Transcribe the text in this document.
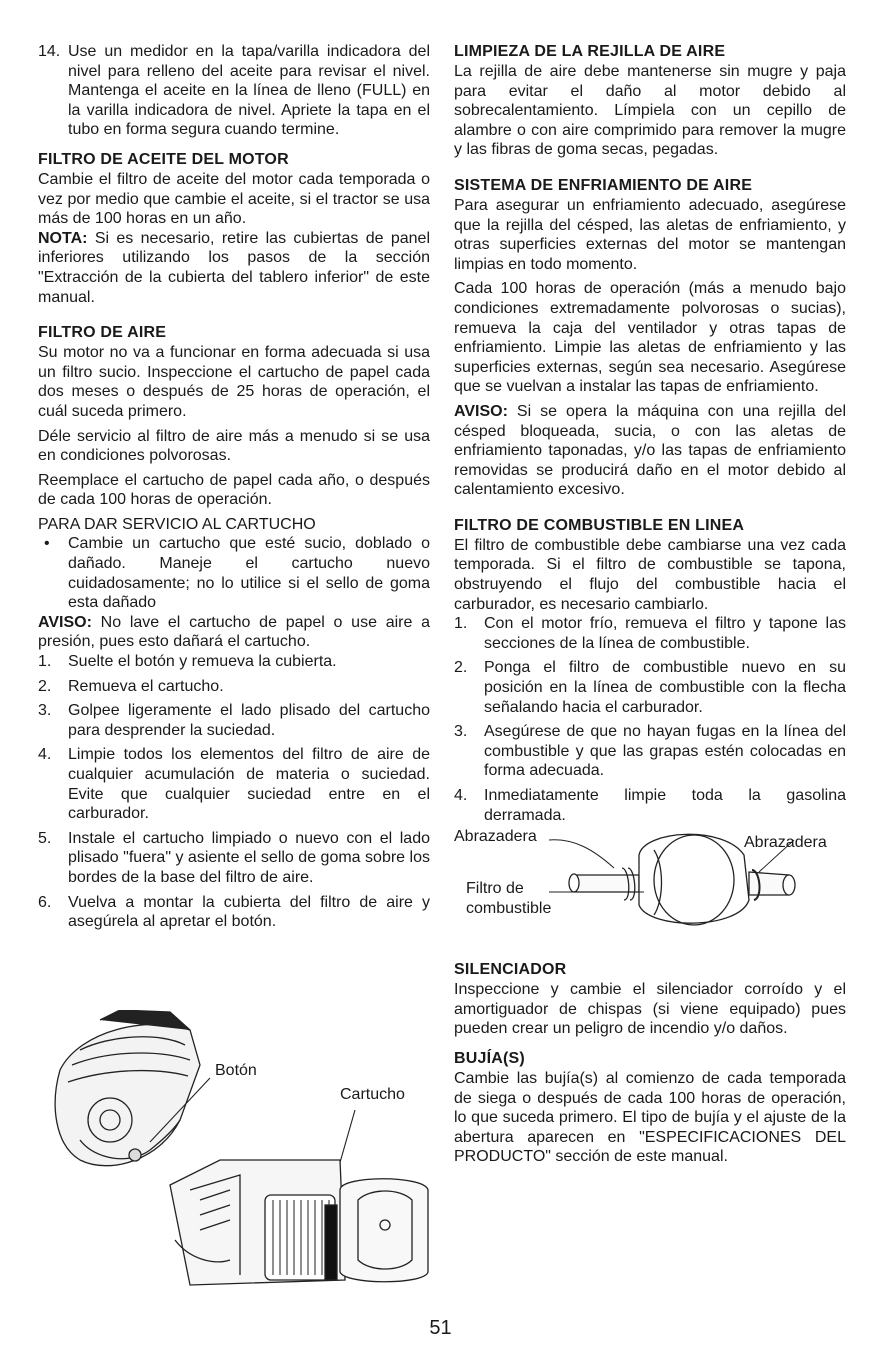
14. Use un medidor en la tapa/varilla indicadora del nivel para relleno del aceite para revisar el nivel. Mantenga el aceite en la línea de lleno (FULL) en la varilla indicadora de nivel. Apriete la tapa en el tubo en forma segura cuando termine.
FILTRO DE ACEITE DEL MOTOR

Cambie el filtro de aceite del motor cada temporada o vez por medio que cambie el aceite, si el tractor se usa más de 100 horas en un año.

NOTA: Si es necesario, retire las cubiertas de panel inferiores utilizando los pasos de la sección "Extracción de la cubierta del tablero inferior" de este manual.

FILTRO DE AIRE

Su motor no va a funcionar en forma adecuada si usa un filtro sucio. Inspeccione el cartucho de papel cada dos meses o después de 25 horas de operación, el cuál suceda primero.

Déle servicio al filtro de aire más a menudo si se usa en condiciones polvorosas.

Reemplace el cartucho de papel cada año, o después de cada 100 horas de operación.

PARA DAR SERVICIO AL CARTUCHO

• Cambie un cartucho que esté sucio, doblado o dañado. Maneje el cartucho nuevo cuidadosamente; no lo utilice si el sello de goma esta dañado

AVISO: No lave el cartucho de papel o use aire a presión, pues esto dañará el cartucho.

1.	Suelte el botón y remueva la cubierta.
2.	Remueva el cartucho.
3.	Golpee ligeramente el lado plisado del cartucho para desprender la suciedad.
4.	Limpie todos los elementos del filtro de aire de cualquier acumulación de materia o suciedad. Evite que cualquier suciedad entre en el carburador.
5.	Instale el cartucho limpiado o nuevo con el lado plisado "fuera" y asiente el sello de goma sobre los bordes de la base del filtro de aire.
6.	Vuelva a montar la cubierta del filtro de aire y asegúrela al apretar el botón.
Botón
Cartucho
LIMPIEZA DE LA REJILLA DE AIRE

La rejilla de aire debe mantenerse sin mugre y paja para evitar el daño al motor debido al sobrecalentamiento. Límpiela con un cepillo de alambre o con aire comprimido para remover la mugre y las fibras de goma secas, pegadas.

SISTEMA DE ENFRIAMIENTO DE AIRE

Para asegurar un enfriamiento adecuado, asegúrese que la rejilla del césped, las aletas de enfriamiento, y otras superficies externas del motor se mantengan limpias en todo momento.

Cada 100 horas de operación (más a menudo bajo condiciones extremadamente polvorosas o sucias), remueva la caja del ventilador y otras tapas de enfriamiento. Limpie las aletas de enfriamiento y las superficies externas, según sea necesario. Asegúrese que se vuelvan a instalar las tapas de enfriamiento.

AVISO: Si se opera la máquina con una rejilla del césped bloqueada, sucia, o con las aletas de enfriamiento taponadas, y/o las tapas de enfriamiento removidas se producirá daño en el motor debido al calentamiento excesivo.

FILTRO DE COMBUSTIBLE EN LINEA

El filtro de combustible debe cambiarse una vez cada temporada. Si el filtro de combustible se tapona, obstruyendo el flujo del combustible hacia el carburador, es necesario cambiarlo.

1.	Con el motor frío, remueva el filtro y tapone las secciones de la línea de combustible.
2.	Ponga el filtro de combustible nuevo en su posición en la línea de combustible con la flecha señalando hacia el carburador.
3.	Asegúrese de que no hayan fugas en la línea del combustible y que las grapas estén colocadas en forma adecuada.
4.	Inmediatamente limpie toda la gasolina derramada.
SILENCIADOR

Inspeccione y cambie el silenciador corroído y el amortiguador de chispas (si viene equipado) pues pueden crear un peligro de incendio y/o daños.

BUJÍA(S)

Cambie las bujía(s) al comienzo de cada temporada de siega o después de cada 100 horas de operación, lo que suceda primero. El tipo de bujía y el ajuste de la abertura aparecen en "ESPECIFICACIONES DEL PRODUCTO" sección de este manual.

Abrazadera	Abrazadera
Filtro de
combustible
51
